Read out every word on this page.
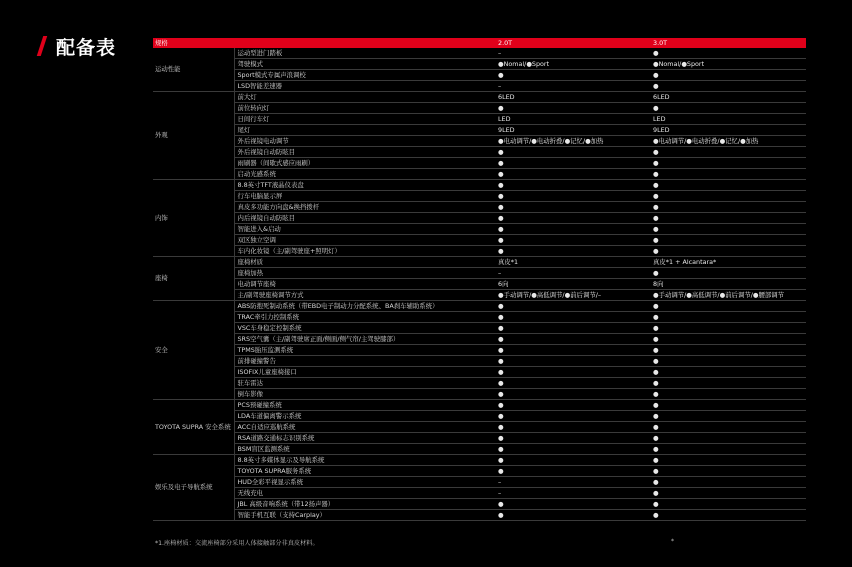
配备表	规格		2.0T	3.0T
运动性能	运动型进门踏板	–	●
	驾驶模式	●Nomal/●Sport	●Nomal/●Sport
	Sport模式专属声浪调校	●	●
	LSD智能差速器	–	●
外观	前大灯	6LED	6LED
	前位转向灯	●	●
	日间行车灯	LED	LED
	尾灯	9LED	9LED
	外后视镜电动调节	●电动调节/●电动折叠/●记忆/●加热	●电动调节/●电动折叠/●记忆/●加热
	外后视镜自动防眩目	●	●
	雨刷器（间歇式感应雨刷）	●	●
	启动光感系统	●	●
内饰	8.8英寸TFT液晶仪表盘	●	●
	行车电脑显示屏	●	●
	真皮多功能方向盘&换挡拨杆	●	●
	内后视镜自动防眩目	●	●
	智能进入&启动	●	●
	双区独立空调	●	●
	车内化妆镜（主/副驾驶座+照明灯）	●	●
座椅	座椅材质	真皮*1	真皮*1 + Alcantara*
	座椅加热	–	●
	电动调节座椅	6向	8向
	主/副驾驶座椅调节方式	●手动调节/●高低调节/●前后调节/–	●手动调节/●高低调节/●前后调节/●腰部调节
安全	ABS防抱死制动系统（带EBD电子制动力分配系统、BA刹车辅助系统）	●	●
	TRAC牵引力控制系统	●	●
	VSC车身稳定控制系统	●	●
	SRS空气囊（主/副驾驶席正面/侧面/侧气帘/主驾驶膝部）	●	●
	TPMS胎压监测系统	●	●
	前排碰撞警告	●	●
	ISOFIX儿童座椅接口	●	●
	驻车雷达	●	●
	倒车影像	●	●
TOYOTA SUPRA 安全系统	PCS预碰撞系统	●	●
	LDA车道偏离警示系统	●	●
	ACC自适应巡航系统	●	●
	RSA道路交通标志识别系统	●	●
	BSM盲区监测系统	●	●
娱乐及电子导航系统	8.8英寸多媒体显示及导航系统	●	●
	TOYOTA SUPRA服务系统	●	●
	HUD全彩平视显示系统	–	●
	无线充电	–	●
	JBL 高级音响系统（带12扬声器）	●	●
	智能手机互联（支持Carplay）	●	●
*1.座椅材质：交流座椅部分采用人体接触部分非真皮材料。	*
